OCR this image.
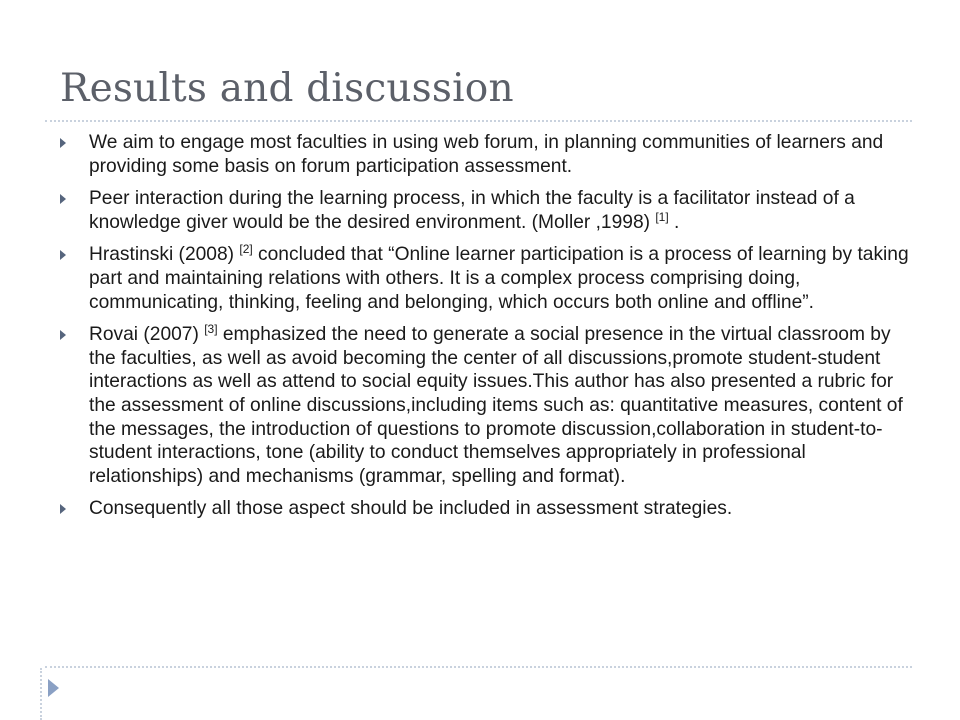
Results and discussion
We aim to engage most faculties in using web forum, in planning communities of learners and providing some basis on forum participation assessment.
Peer interaction during the learning process, in which the faculty is a facilitator instead of a knowledge giver would be the desired environment. (Moller ,1998) [1] .
Hrastinski (2008) [2] concluded that “Online learner participation is a process of learning by taking part and maintaining relations with others. It is a complex process comprising doing, communicating, thinking, feeling and belonging, which occurs both online and offline”.
Rovai (2007) [3] emphasized the need to generate a social presence in the virtual classroom by the faculties, as well as avoid becoming the center of all discussions,promote student-student interactions as well as attend to social equity issues.This author has also presented a rubric for the assessment of online discussions,including items such as: quantitative measures, content of the messages, the introduction of questions to promote discussion,collaboration in student-to-student interactions, tone (ability to conduct themselves appropriately in professional relationships) and mechanisms (grammar, spelling and format).
Consequently all those aspect should be included in assessment strategies.
